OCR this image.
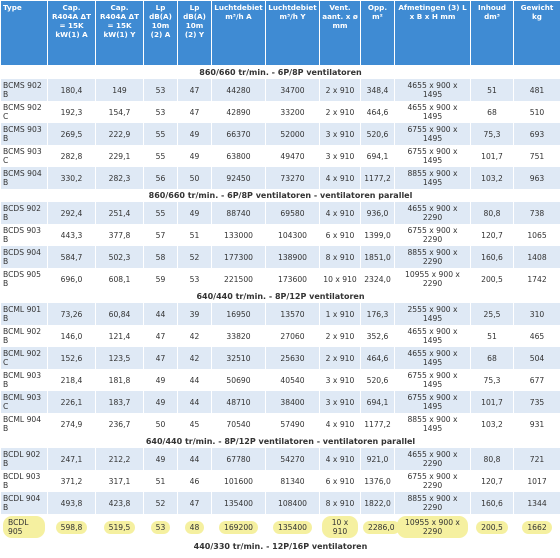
Type	Cap. R404A ΔT = 15K kW(1) A	Cap. R404A ΔT = 15K kW(1) Y	Lp dB(A) 10m (2) A	Lp dB(A) 10m (2) Y	Luchtdebiet m³/h A	Luchtdebiet m³/h Y	Vent. aant. x ø mm	Opp. m²	Afmetingen (3) L x B x H mm	Inhoud dm³	Gewicht kg
860/660 tr/min. - 6P/8P ventilatoren											
BCMS 902 B	180,4	149	53	47	44280	34700	2 x 910	348,4	4655 x 900 x 1495	51	481
BCMS 902 C	192,3	154,7	53	47	42890	33200	2 x 910	464,6	4655 x 900 x 1495	68	510
BCMS 903 B	269,5	222,9	55	49	66370	52000	3 x 910	520,6	6755 x 900 x 1495	75,3	693
BCMS 903 C	282,8	229,1	55	49	63800	49470	3 x 910	694,1	6755 x 900 x 1495	101,7	751
BCMS 904 B	330,2	282,3	56	50	92450	73270	4 x 910	1177,2	8855 x 900 x 1495	103,2	963
860/660 tr/min. - 6P/8P ventilatoren - ventilatoren parallel											
BCDS 902 B	292,4	251,4	55	49	88740	69580	4 x 910	936,0	4655 x 900 x 2290	80,8	738
BCDS 903 B	443,3	377,8	57	51	133000	104300	6 x 910	1399,0	6755 x 900 x 2290	120,7	1065
BCDS 904 B	584,7	502,3	58	52	177300	138900	8 x 910	1851,0	8855 x 900 x 2290	160,6	1408
BCDS 905 B	696,0	608,1	59	53	221500	173600	10 x 910	2324,0	10955 x 900 x 2290	200,5	1742
640/440 tr/min. - 8P/12P ventilatoren											
BCML 901 B	73,26	60,84	44	39	16950	13570	1 x 910	176,3	2555 x 900 x 1495	25,5	310
BCML 902 B	146,0	121,4	47	42	33820	27060	2 x 910	352,6	4655 x 900 x 1495	51	465
BCML 902 C	152,6	123,5	47	42	32510	25630	2 x 910	464,6	4655 x 900 x 1495	68	504
BCML 903 B	218,4	181,8	49	44	50690	40540	3 x 910	520,6	6755 x 900 x 1495	75,3	677
BCML 903 C	226,1	183,7	49	44	48710	38400	3 x 910	694,1	6755 x 900 x 1495	101,7	735
BCML 904 B	274,9	236,7	50	45	70540	57490	4 x 910	1177,2	8855 x 900 x 1495	103,2	931
640/440 tr/min. - 8P/12P ventilatoren - ventilatoren parallel											
BCDL 902 B	247,1	212,2	49	44	67780	54270	4 x 910	921,0	4655 x 900 x 2290	80,8	721
BCDL 903 B	371,2	317,1	51	46	101600	81340	6 x 910	1376,0	6755 x 900 x 2290	120,7	1017
BCDL 904 B	493,8	423,8	52	47	135400	108400	8 x 910	1822,0	8855 x 900 x 2290	160,6	1344
BCDL 905	598,8	519,5	53	48	169200	135400	10 x 910	2286,0	10955 x 900 x 2290	200,5	1662
440/330 tr/min. - 12P/16P ventilatoren											
